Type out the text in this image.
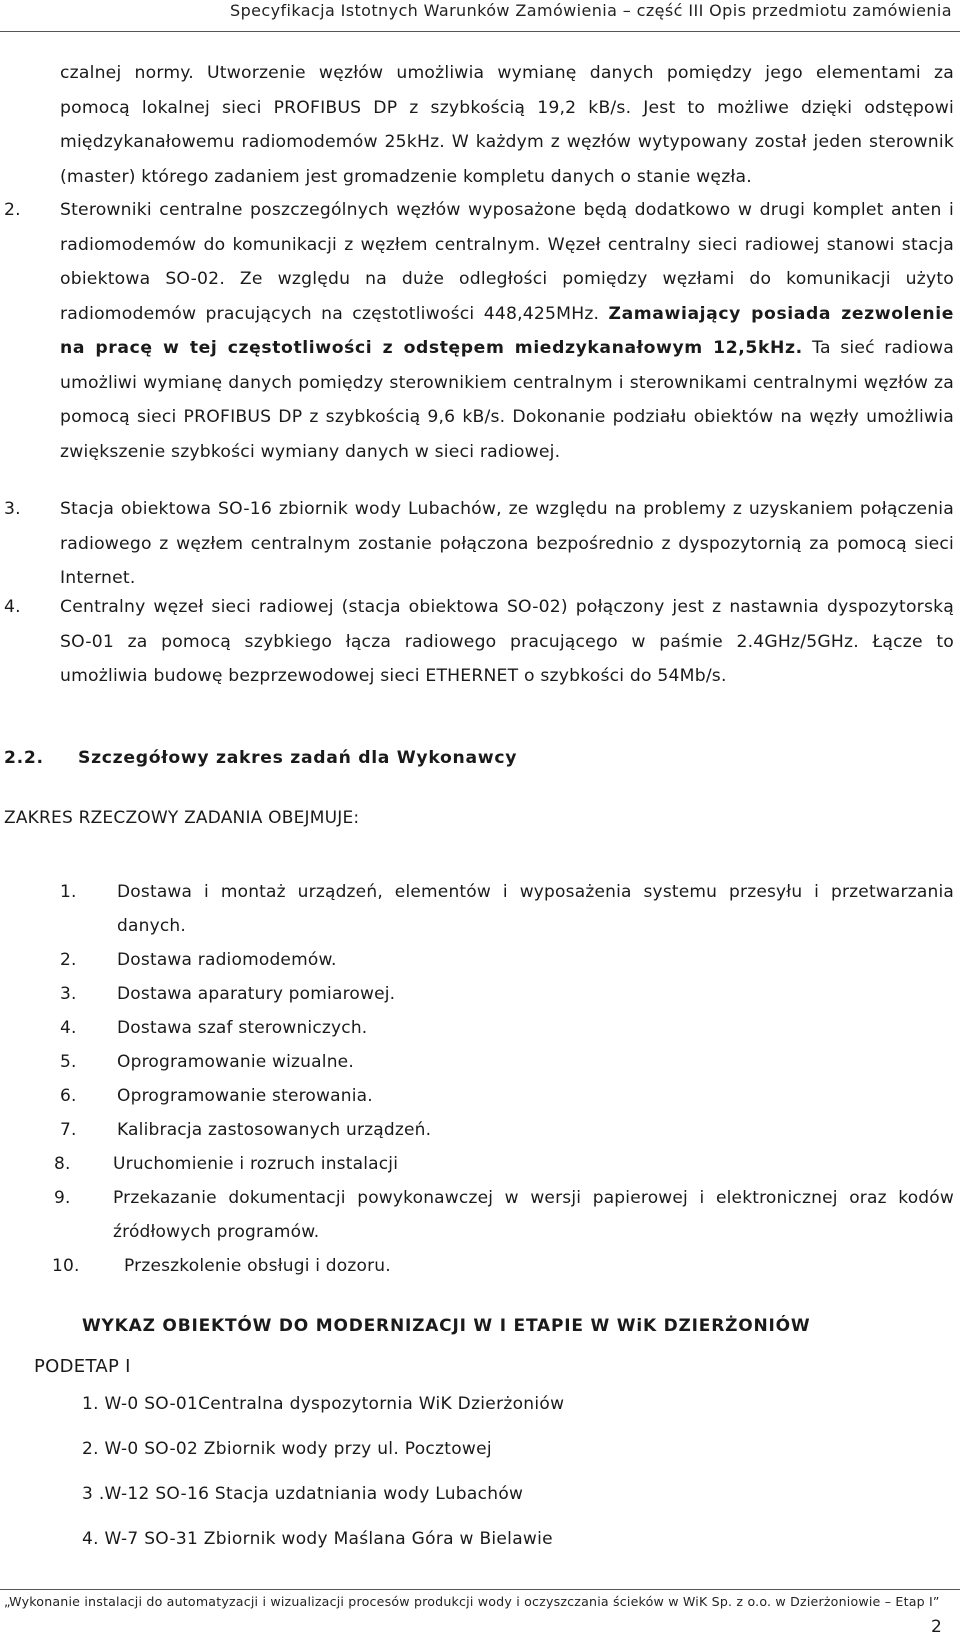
Specyfikacja Istotnych Warunków Zamówienia – część III Opis przedmiotu zamówienia

czalnej normy. Utworzenie węzłów umożliwia wymianę danych pomiędzy jego elementami za pomocą lokalnej sieci PROFIBUS DP z szybkością 19,2 kB/s. Jest to możliwe dzięki odstępowi międzykanałowemu radiomodemów 25kHz. W każdym z węzłów wytypowany został jeden sterownik (master) którego zadaniem jest gromadzenie kompletu danych o stanie węzła.

2. Sterowniki centralne poszczególnych węzłów wyposażone będą dodatkowo w drugi komplet anten i radiomodemów do komunikacji z węzłem centralnym. Węzeł centralny sieci radiowej stanowi stacja obiektowa SO-02. Ze względu na duże odległości pomiędzy węzłami do komunikacji użyto radiomodemów pracujących na częstotliwości 448,425MHz. Zamawiający posiada zezwolenie na pracę w tej częstotliwości z odstępem miedzykanałowym 12,5kHz. Ta sieć radiowa umożliwi wymianę danych pomiędzy sterownikiem centralnym i sterownikami centralnymi węzłów za pomocą sieci PROFIBUS DP z szybkością 9,6 kB/s. Dokonanie podziału obiektów na węzły umożliwia zwiększenie szybkości wymiany danych w sieci radiowej.

3. Stacja obiektowa SO-16 zbiornik wody Lubachów, ze względu na problemy z uzyskaniem połączenia radiowego z węzłem centralnym zostanie połączona bezpośrednio z dyspozytornią za pomocą sieci Internet.

4. Centralny węzeł sieci radiowej (stacja obiektowa SO-02) połączony jest z nastawnia dyspozytorską SO-01 za pomocą szybkiego łącza radiowego pracującego w paśmie 2.4GHz/5GHz. Łącze to umożliwia budowę bezprzewodowej sieci ETHERNET o szybkości do 54Mb/s.

2.2. Szczegółowy zakres zadań dla Wykonawcy
ZAKRES RZECZOWY ZADANIA OBEJMUJE:
1. Dostawa i montaż urządzeń, elementów i wyposażenia systemu przesyłu i przetwarzania danych.
2. Dostawa radiomodemów.
3. Dostawa aparatury pomiarowej.
4. Dostawa szaf sterowniczych.
5. Oprogramowanie wizualne.
6. Oprogramowanie sterowania.
7. Kalibracja zastosowanych urządzeń.
8. Uruchomienie i rozruch instalacji
9. Przekazanie dokumentacji powykonawczej w wersji papierowej i elektronicznej oraz kodów źródłowych programów.
10.	Przeszkolenie obsługi i dozoru.
WYKAZ OBIEKTÓW DO MODERNIZACJI W I ETAPIE W WiK DZIERŻONIÓW
PODETAP I
1. W-0 SO-01Centralna dyspozytornia WiK Dzierżoniów
2. W-0 SO-02 Zbiornik wody przy ul. Pocztowej
3 .W-12 SO-16 Stacja uzdatniania wody Lubachów
4. W-7 SO-31 Zbiornik wody Maślana Góra w Bielawie
„Wykonanie instalacji do automatyzacji i wizualizacji procesów produkcji wody i oczyszczania ścieków w WiK Sp. z o.o. w Dzierżoniowie – Etap I”
2
